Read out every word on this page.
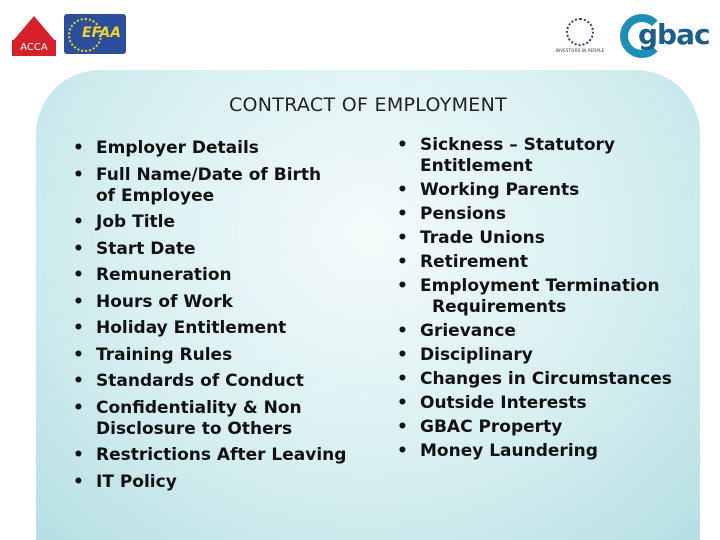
ACCA
EFAA
INVESTORS IN PEOPLE gbac
CONTRACT OF EMPLOYMENT
• Employer Details
• Full Name/Date of Birth
of Employee
• Job Title
• Start Date
• Remuneration
• Hours of Work
• Holiday Entitlement
• Training Rules
• Standards of Conduct
• Confidentiality & Non
Disclosure to Others
• Restrictions After Leaving
• IT Policy
• Sickness – Statutory
Entitlement
• Working Parents
• Pensions
• Trade Unions
• Retirement
• Employment Termination
Requirements
• Grievance
• Disciplinary
• Changes in Circumstances
• Outside Interests
• GBAC Property
• Money Laundering
